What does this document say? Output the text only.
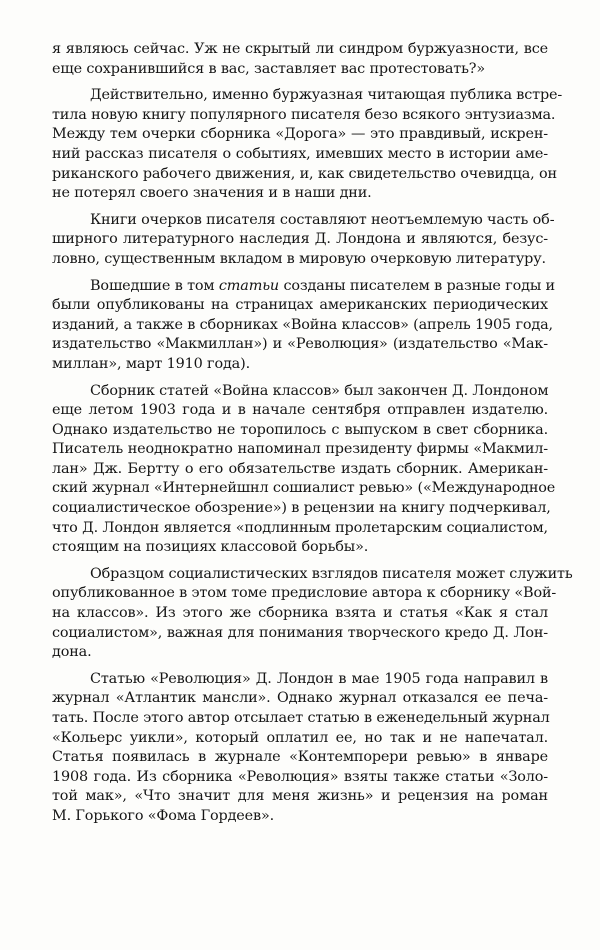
я являюсь сейчас. Уж не скрытый ли синдром буржуазности, все
еще сохранившийся в вас, заставляет вас протестовать?»

Действительно, именно буржуазная читающая публика встре-
тила новую книгу популярного писателя безо всякого энтузиазма.
Между тем очерки сборника «Дорога» — это правдивый, искрен-
ний рассказ писателя о событиях, имевших место в истории аме-
риканского рабочего движения, и, как свидетельство очевидца, он
не потерял своего значения и в наши дни.

Книги очерков писателя составляют неотъемлемую часть об-
ширного литературного наследия Д. Лондона и являются, безус-
ловно, существенным вкладом в мировую очерковую литературу.

Вошедшие в том статьи созданы писателем в разные годы и
были опубликованы на страницах американских периодических
изданий, а также в сборниках «Война классов» (апрель 1905 года,
издательство «Макмиллан») и «Революция» (издательство «Мак-
миллан», март 1910 года).

Сборник статей «Война классов» был закончен Д. Лондоном
еще летом 1903 года и в начале сентября отправлен издателю.
Однако издательство не торопилось с выпуском в свет сборника.
Писатель неоднократно напоминал президенту фирмы «Макмил-
лан» Дж. Бертту о его обязательстве издать сборник. Американ-
ский журнал «Интернейшнл сошиалист ревью» («Международное
социалистическое обозрение») в рецензии на книгу подчеркивал,
что Д. Лондон является «подлинным пролетарским социалистом,
стоящим на позициях классовой борьбы».

Образцом социалистических взглядов писателя может служить
опубликованное в этом томе предисловие автора к сборнику «Вой-
на классов». Из этого же сборника взята и статья «Как я стал
социалистом», важная для понимания творческого кредо Д. Лон-
дона.

Статью «Революция» Д. Лондон в мае 1905 года направил в
журнал «Атлантик мансли». Однако журнал отказался ее печа-
тать. После этого автор отсылает статью в еженедельный журнал
«Кольерс уикли», который оплатил ее, но так и не напечатал.
Статья появилась в журнале «Контемпорери ревью» в январе
1908 года. Из сборника «Революция» взяты также статьи «Золо-
той мак», «Что значит для меня жизнь» и рецензия на роман
М. Горького «Фома Гордеев».
